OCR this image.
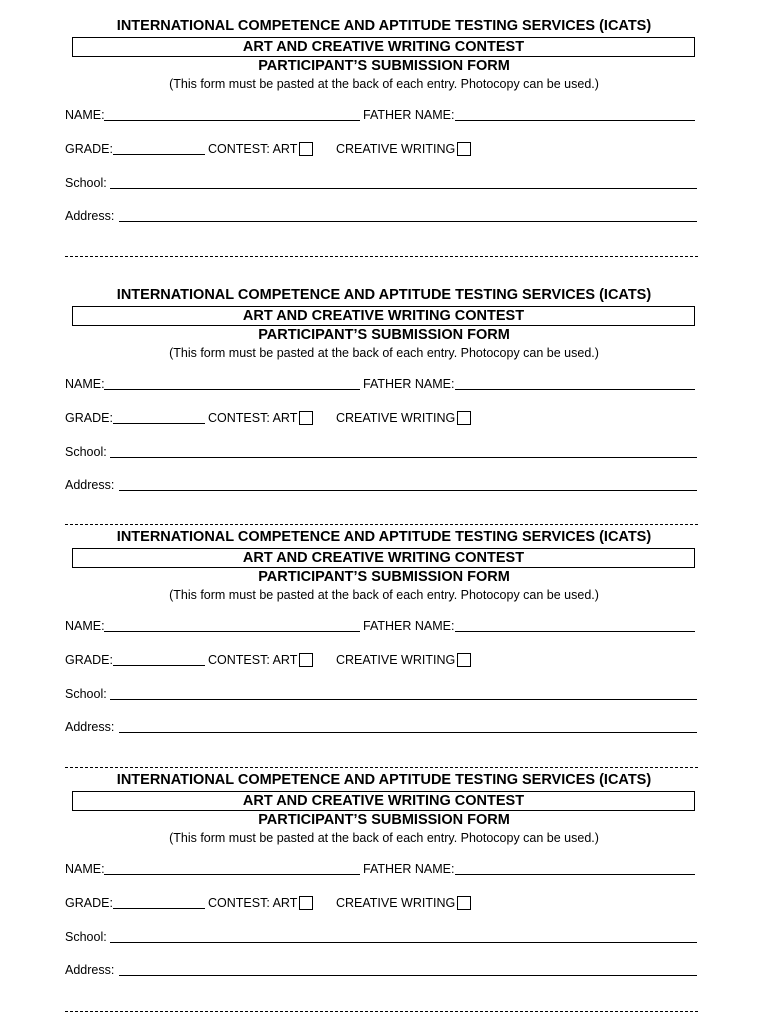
INTERNATIONAL COMPETENCE AND APTITUDE TESTING SERVICES (ICATS)
ART AND CREATIVE WRITING CONTEST
PARTICIPANT’S SUBMISSION FORM
(This form must be pasted at the back of each entry. Photocopy can be used.)
NAME:	FATHER NAME:
GRADE:	CONTEST: ART	CREATIVE WRITING
School:
Address:
INTERNATIONAL COMPETENCE AND APTITUDE TESTING SERVICES (ICATS)
ART AND CREATIVE WRITING CONTEST
PARTICIPANT’S SUBMISSION FORM
(This form must be pasted at the back of each entry. Photocopy can be used.)
NAME:	FATHER NAME:
GRADE:	CONTEST: ART	CREATIVE WRITING
School:
Address:
INTERNATIONAL COMPETENCE AND APTITUDE TESTING SERVICES (ICATS)
ART AND CREATIVE WRITING CONTEST
PARTICIPANT’S SUBMISSION FORM
(This form must be pasted at the back of each entry. Photocopy can be used.)
NAME:	FATHER NAME:
GRADE:	CONTEST: ART	CREATIVE WRITING
School:
Address:
INTERNATIONAL COMPETENCE AND APTITUDE TESTING SERVICES (ICATS)
ART AND CREATIVE WRITING CONTEST
PARTICIPANT’S SUBMISSION FORM
(This form must be pasted at the back of each entry. Photocopy can be used.)
NAME:	FATHER NAME:
GRADE:	CONTEST: ART	CREATIVE WRITING
School:
Address:
